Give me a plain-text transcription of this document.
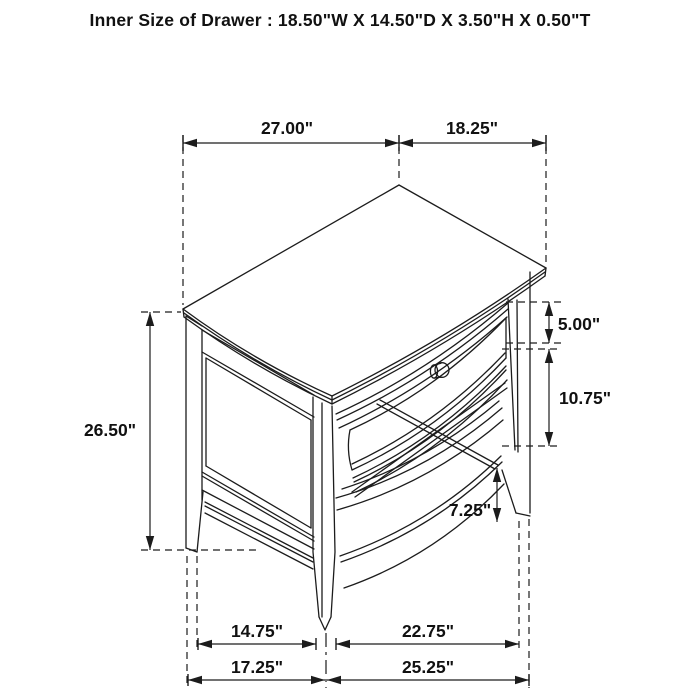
Inner Size of Drawer : 18.50"W X 14.50"D X 3.50"H X 0.50"T
27.00"	18.25"
26.50"
5.00"
10.75"
7.25"
14.75"	22.75"
17.25"	25.25"
